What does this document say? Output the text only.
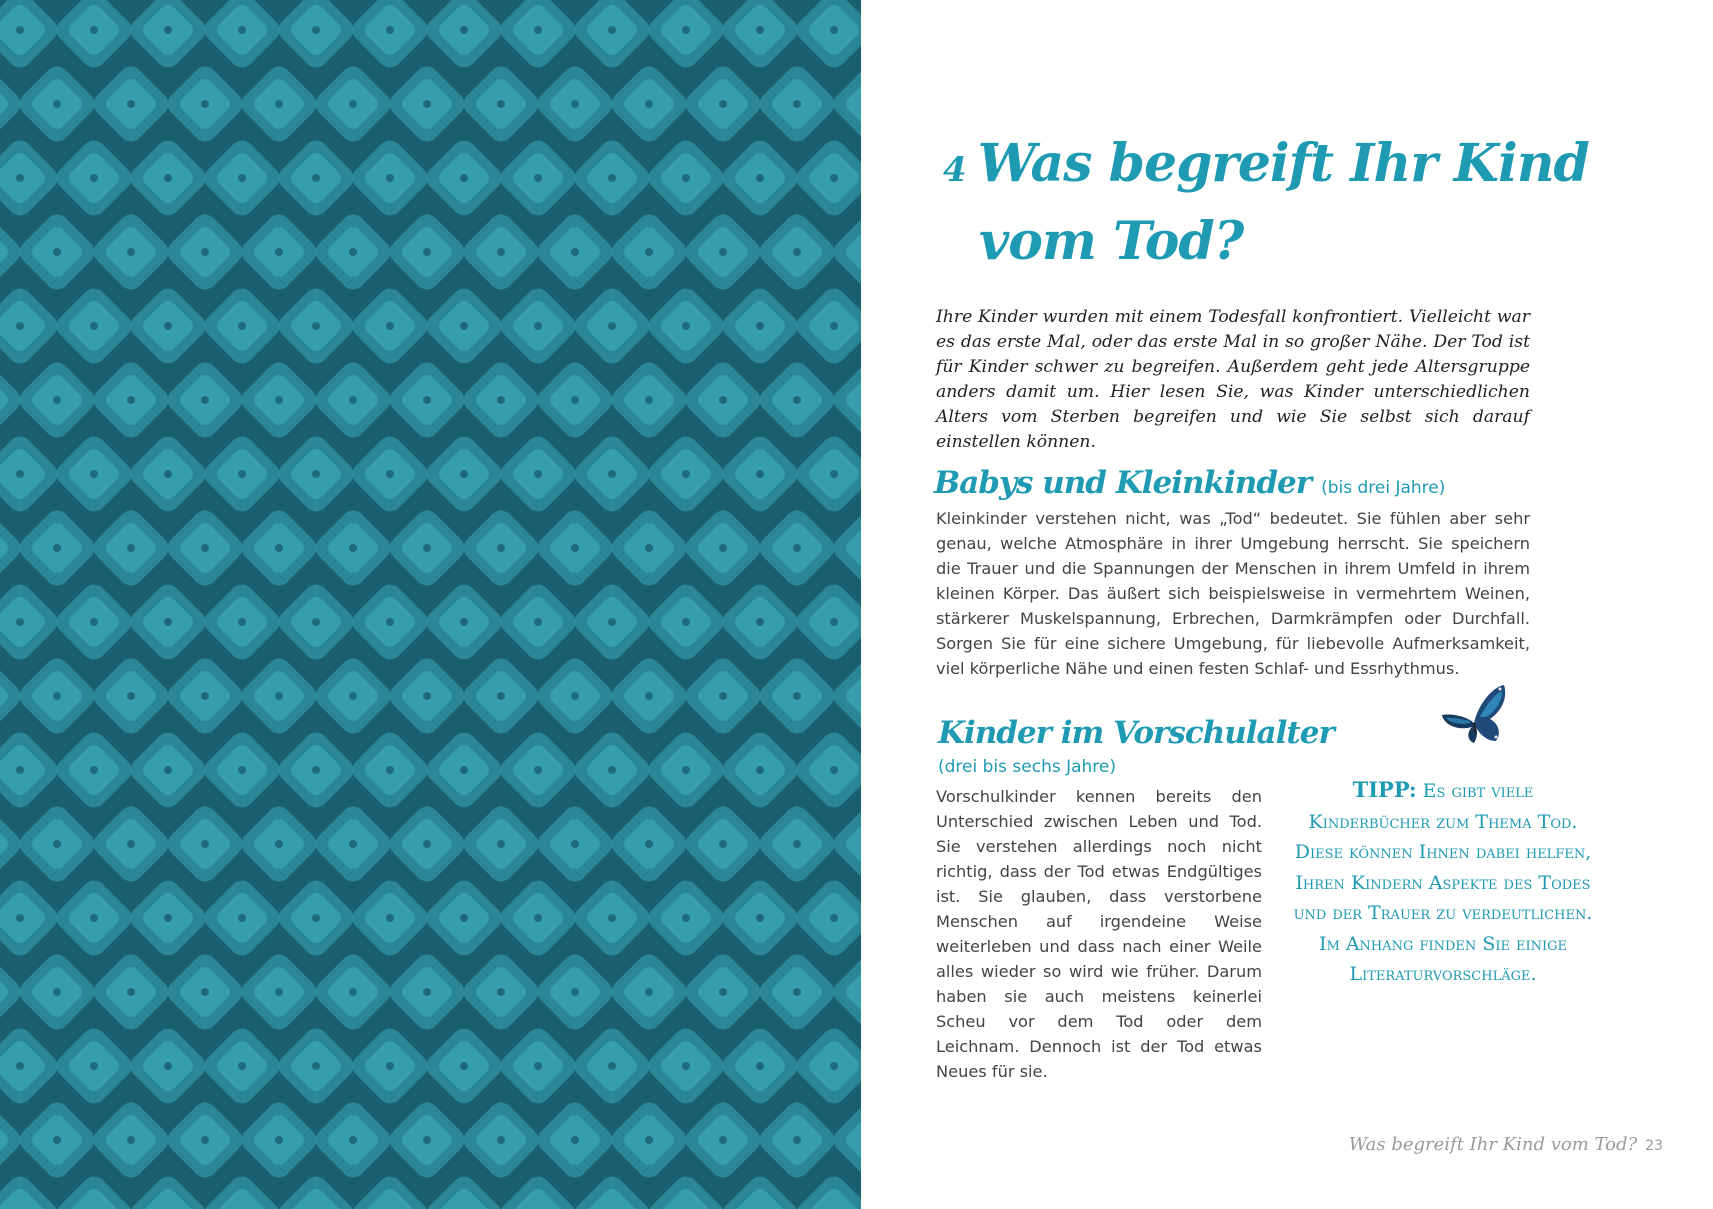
4 Was begreift Ihr Kind
vom Tod?
Ihre Kinder wurden mit einem Todesfall konfrontiert. Vielleicht war es das erste Mal, oder das erste Mal in so großer Nähe. Der Tod ist für Kinder schwer zu begreifen. Außerdem geht jede Altersgruppe anders damit um. Hier lesen Sie, was Kinder unterschiedlichen Alters vom Sterben begreifen und wie Sie selbst sich darauf einstellen können.
Babys und Kleinkinder (bis drei Jahre)
Kleinkinder verstehen nicht, was „Tod“ bedeutet. Sie fühlen aber sehr genau, welche Atmosphäre in ihrer Umgebung herrscht. Sie speichern die Trauer und die Spannungen der Menschen in ihrem Umfeld in ihrem kleinen Körper. Das äußert sich beispielsweise in vermehrtem Weinen, stärkerer Muskelspannung, Erbrechen, Darmkrämpfen oder Durchfall. Sorgen Sie für eine sichere Umgebung, für liebevolle Aufmerksamkeit, viel körperliche Nähe und einen festen Schlaf- und Essrhythmus.
Kinder im Vorschulalter
(drei bis sechs Jahre)
Vorschulkinder kennen bereits den Unterschied zwischen Leben und Tod. Sie verstehen allerdings noch nicht richtig, dass der Tod etwas Endgültiges ist. Sie glauben, dass verstorbene Menschen auf irgendeine Weise weiterleben und dass nach einer Weile alles wieder so wird wie früher. Darum haben sie auch meistens keinerlei Scheu vor dem Tod oder dem Leichnam. Dennoch ist der Tod etwas Neues für sie.
TIPP: Es gibt viele Kinderbücher zum Thema Tod. Diese können Ihnen dabei helfen, Ihren Kindern Aspekte des Todes und der Trauer zu verdeutlichen. Im Anhang finden Sie einige Literaturvorschläge.
Was begreift Ihr Kind vom Tod? 23
